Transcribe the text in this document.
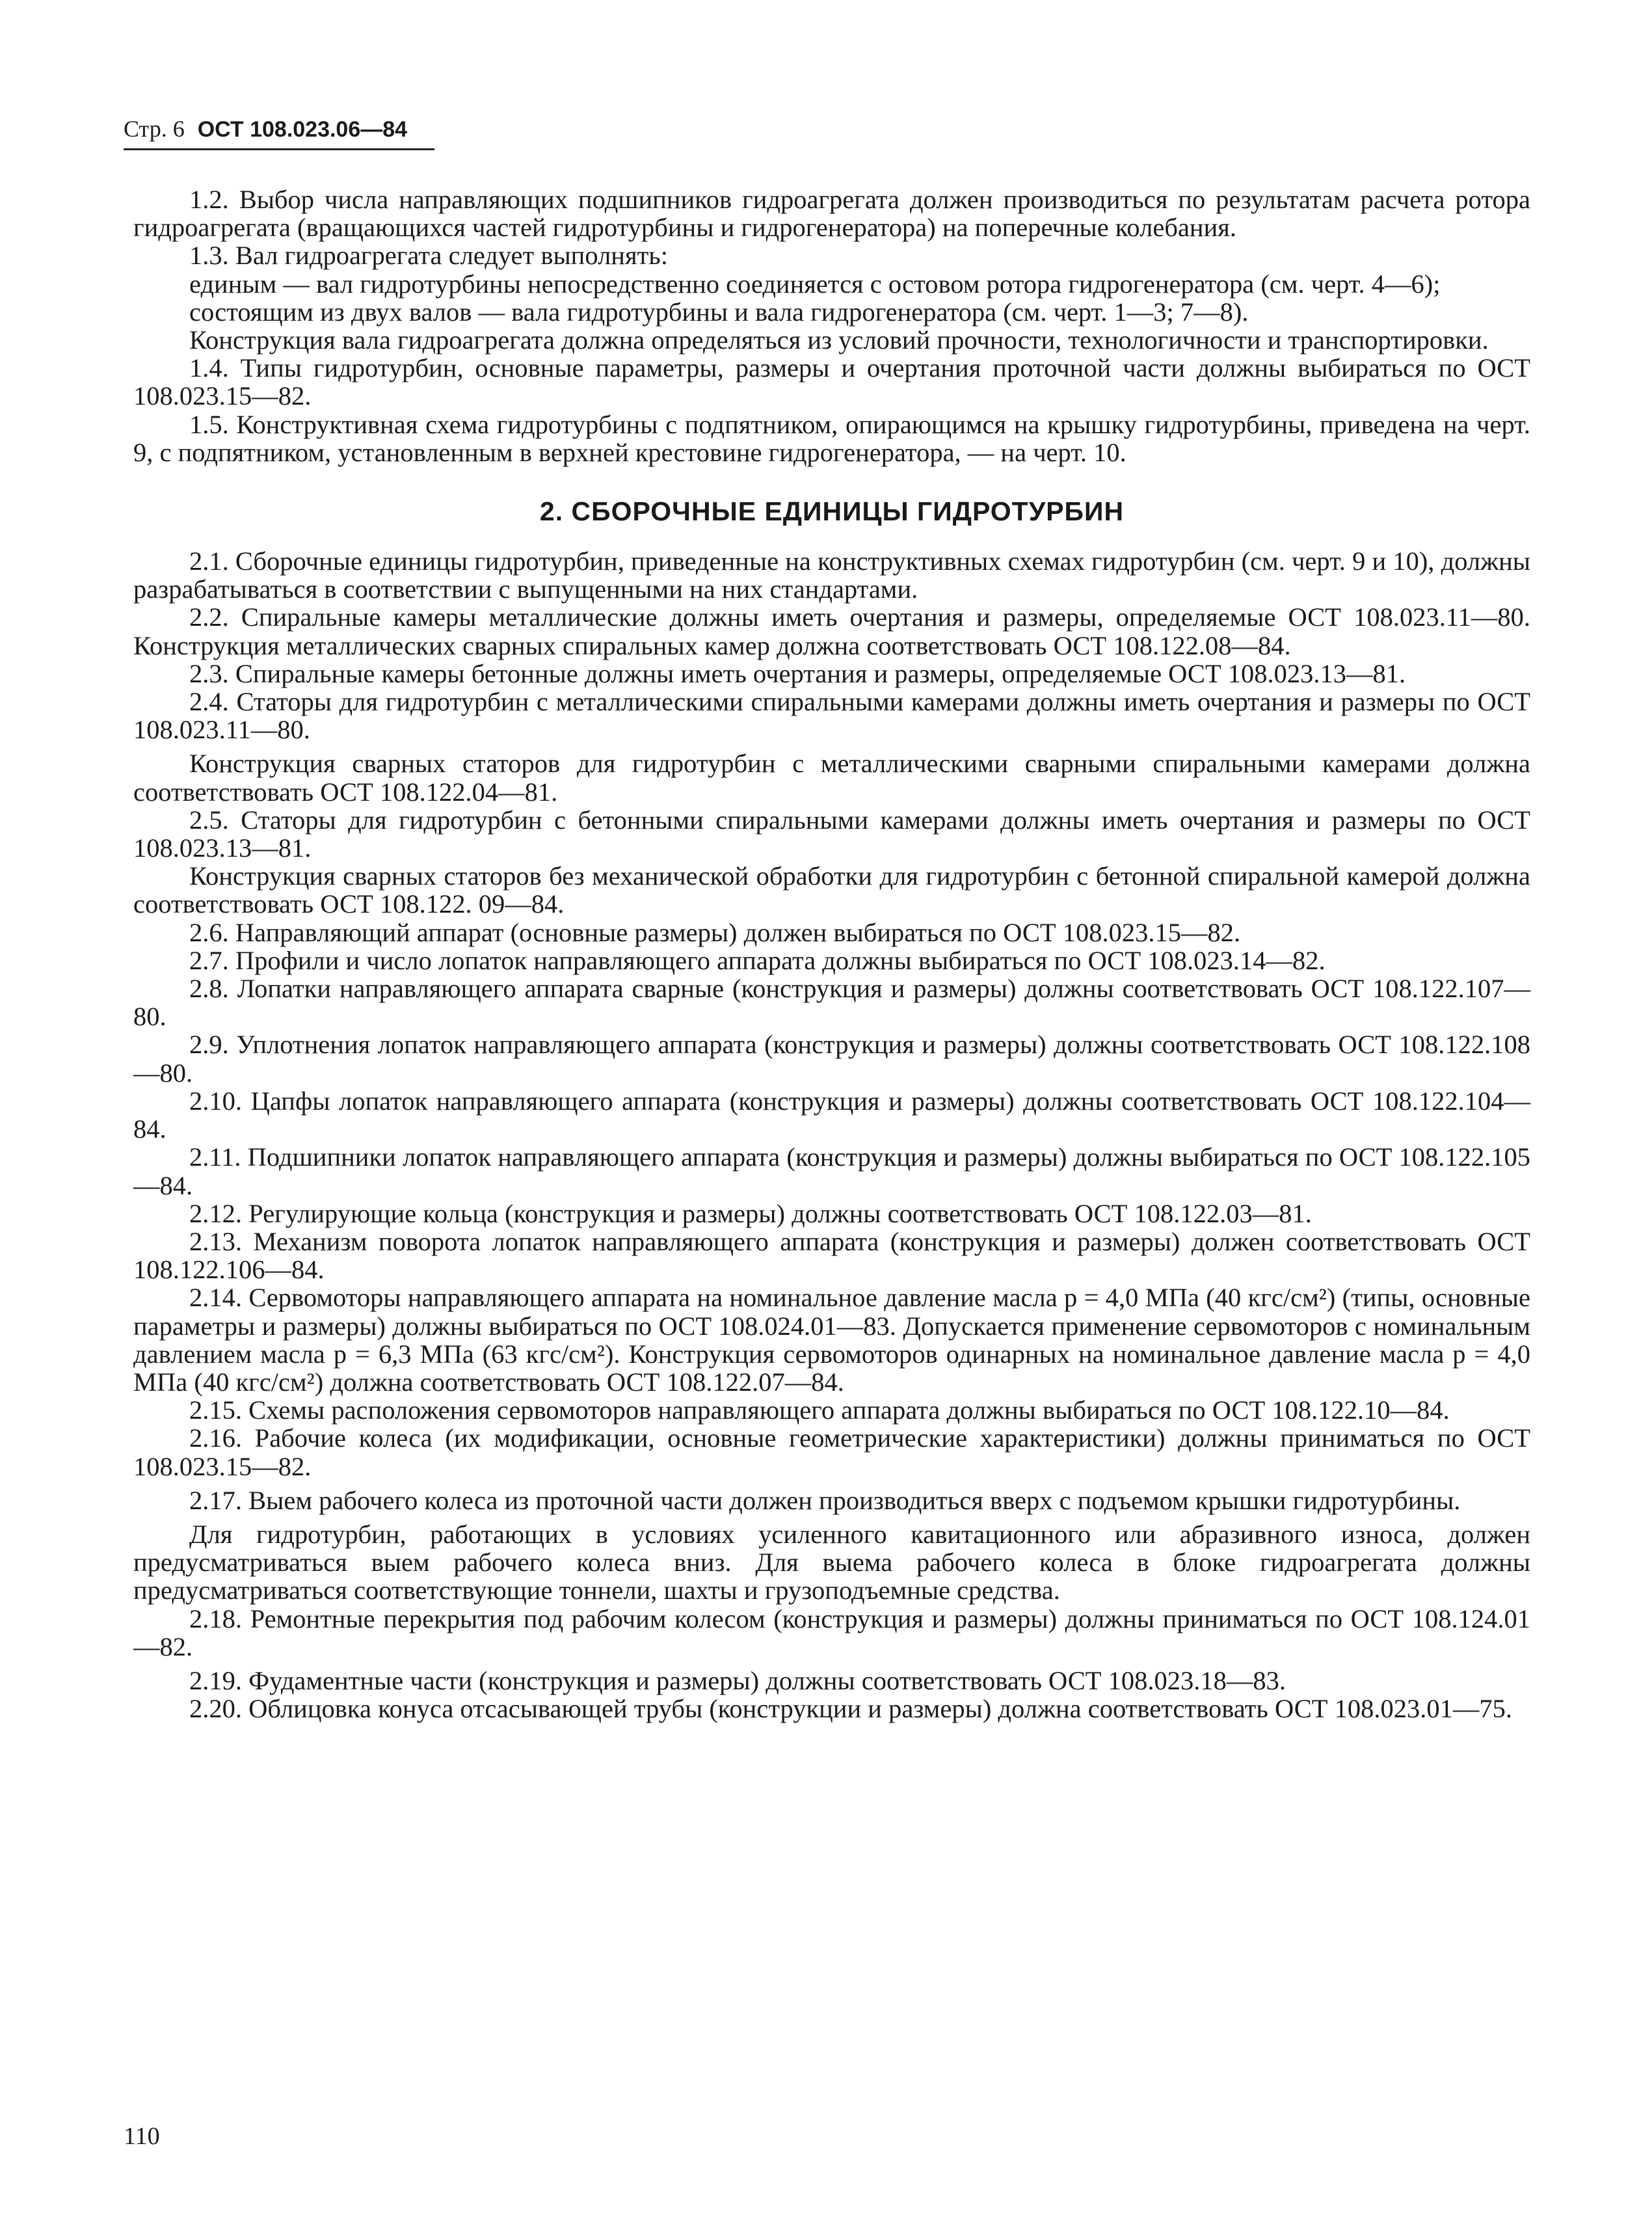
Стр. 6 ОСТ 108.023.06—84

1.2. Выбор числа направляющих подшипников гидроагрегата должен производиться по результатам расчета ротора гидроагрегата (вращающихся частей гидротурбины и гидрогенератора) на поперечные колебания.

1.3. Вал гидроагрегата следует выполнять:

единым — вал гидротурбины непосредственно соединяется с остовом ротора гидрогенератора (см. черт. 4—6);

состоящим из двух валов — вала гидротурбины и вала гидрогенератора (см. черт. 1—3; 7—8).

Конструкция вала гидроагрегата должна определяться из условий прочности, технологичности и транспортировки.

1.4. Типы гидротурбин, основные параметры, размеры и очертания проточной части должны выбираться по ОСТ 108.023.15—82.

1.5. Конструктивная схема гидротурбины с подпятником, опирающимся на крышку гидротурбины, приведена на черт. 9, с подпятником, установленным в верхней крестовине гидрогенератора, — на черт. 10.

2. СБОРОЧНЫЕ ЕДИНИЦЫ ГИДРОТУРБИН

2.1. Сборочные единицы гидротурбин, приведенные на конструктивных схемах гидротурбин (см. черт. 9 и 10), должны разрабатываться в соответствии с выпущенными на них стандартами.

2.2. Спиральные камеры металлические должны иметь очертания и размеры, определяемые ОСТ 108.023.11—80. Конструкция металлических сварных спиральных камер должна соответствовать ОСТ 108.122.08—84.

2.3. Спиральные камеры бетонные должны иметь очертания и размеры, определяемые ОСТ 108.023.13—81.

2.4. Статоры для гидротурбин с металлическими спиральными камерами должны иметь очертания и размеры по ОСТ 108.023.11—80.

Конструкция сварных статоров для гидротурбин с металлическими сварными спиральными камерами должна соответствовать ОСТ 108.122.04—81.

2.5. Статоры для гидротурбин с бетонными спиральными камерами должны иметь очертания и размеры по ОСТ 108.023.13—81.

Конструкция сварных статоров без механической обработки для гидротурбин с бетонной спиральной камерой должна соответствовать ОСТ 108.122. 09—84.

2.6. Направляющий аппарат (основные размеры) должен выбираться по ОСТ 108.023.15—82.

2.7. Профили и число лопаток направляющего аппарата должны выбираться по ОСТ 108.023.14—82.

2.8. Лопатки направляющего аппарата сварные (конструкция и размеры) должны соответствовать ОСТ 108.122.107—80.

2.9. Уплотнения лопаток направляющего аппарата (конструкция и размеры) должны соответствовать ОСТ 108.122.108—80.

2.10. Цапфы лопаток направляющего аппарата (конструкция и размеры) должны соответствовать ОСТ 108.122.104—84.

2.11. Подшипники лопаток направляющего аппарата (конструкция и размеры) должны выбираться по ОСТ 108.122.105—84.

2.12. Регулирующие кольца (конструкция и размеры) должны соответствовать ОСТ 108.122.03—81.

2.13. Механизм поворота лопаток направляющего аппарата (конструкция и размеры) должен соответствовать ОСТ 108.122.106—84.

2.14. Сервомоторы направляющего аппарата на номинальное давление масла p = 4,0 МПа (40 кгс/см²) (типы, основные параметры и размеры) должны выбираться по ОСТ 108.024.01—83. Допускается применение сервомоторов с номинальным давлением масла p = 6,3 МПа (63 кгс/см²). Конструкция сервомоторов одинарных на номинальное давление масла p = 4,0 МПа (40 кгс/см²) должна соответствовать ОСТ 108.122.07—84.

2.15. Схемы расположения сервомоторов направляющего аппарата должны выбираться по ОСТ 108.122.10—84.

2.16. Рабочие колеса (их модификации, основные геометрические характеристики) должны приниматься по ОСТ 108.023.15—82.

2.17. Выем рабочего колеса из проточной части должен производиться вверх с подъемом крышки гидротурбины.

Для гидротурбин, работающих в условиях усиленного кавитационного или абразивного износа, должен предусматриваться выем рабочего колеса вниз. Для выема рабочего колеса в блоке гидроагрегата должны предусматриваться соответствующие тоннели, шахты и грузоподъемные средства.

2.18. Ремонтные перекрытия под рабочим колесом (конструкция и размеры) должны приниматься по ОСТ 108.124.01—82.

2.19. Фудаментные части (конструкция и размеры) должны соответствовать ОСТ 108.023.18—83.

2.20. Облицовка конуса отсасывающей трубы (конструкции и размеры) должна соответствовать ОСТ 108.023.01—75.

110
